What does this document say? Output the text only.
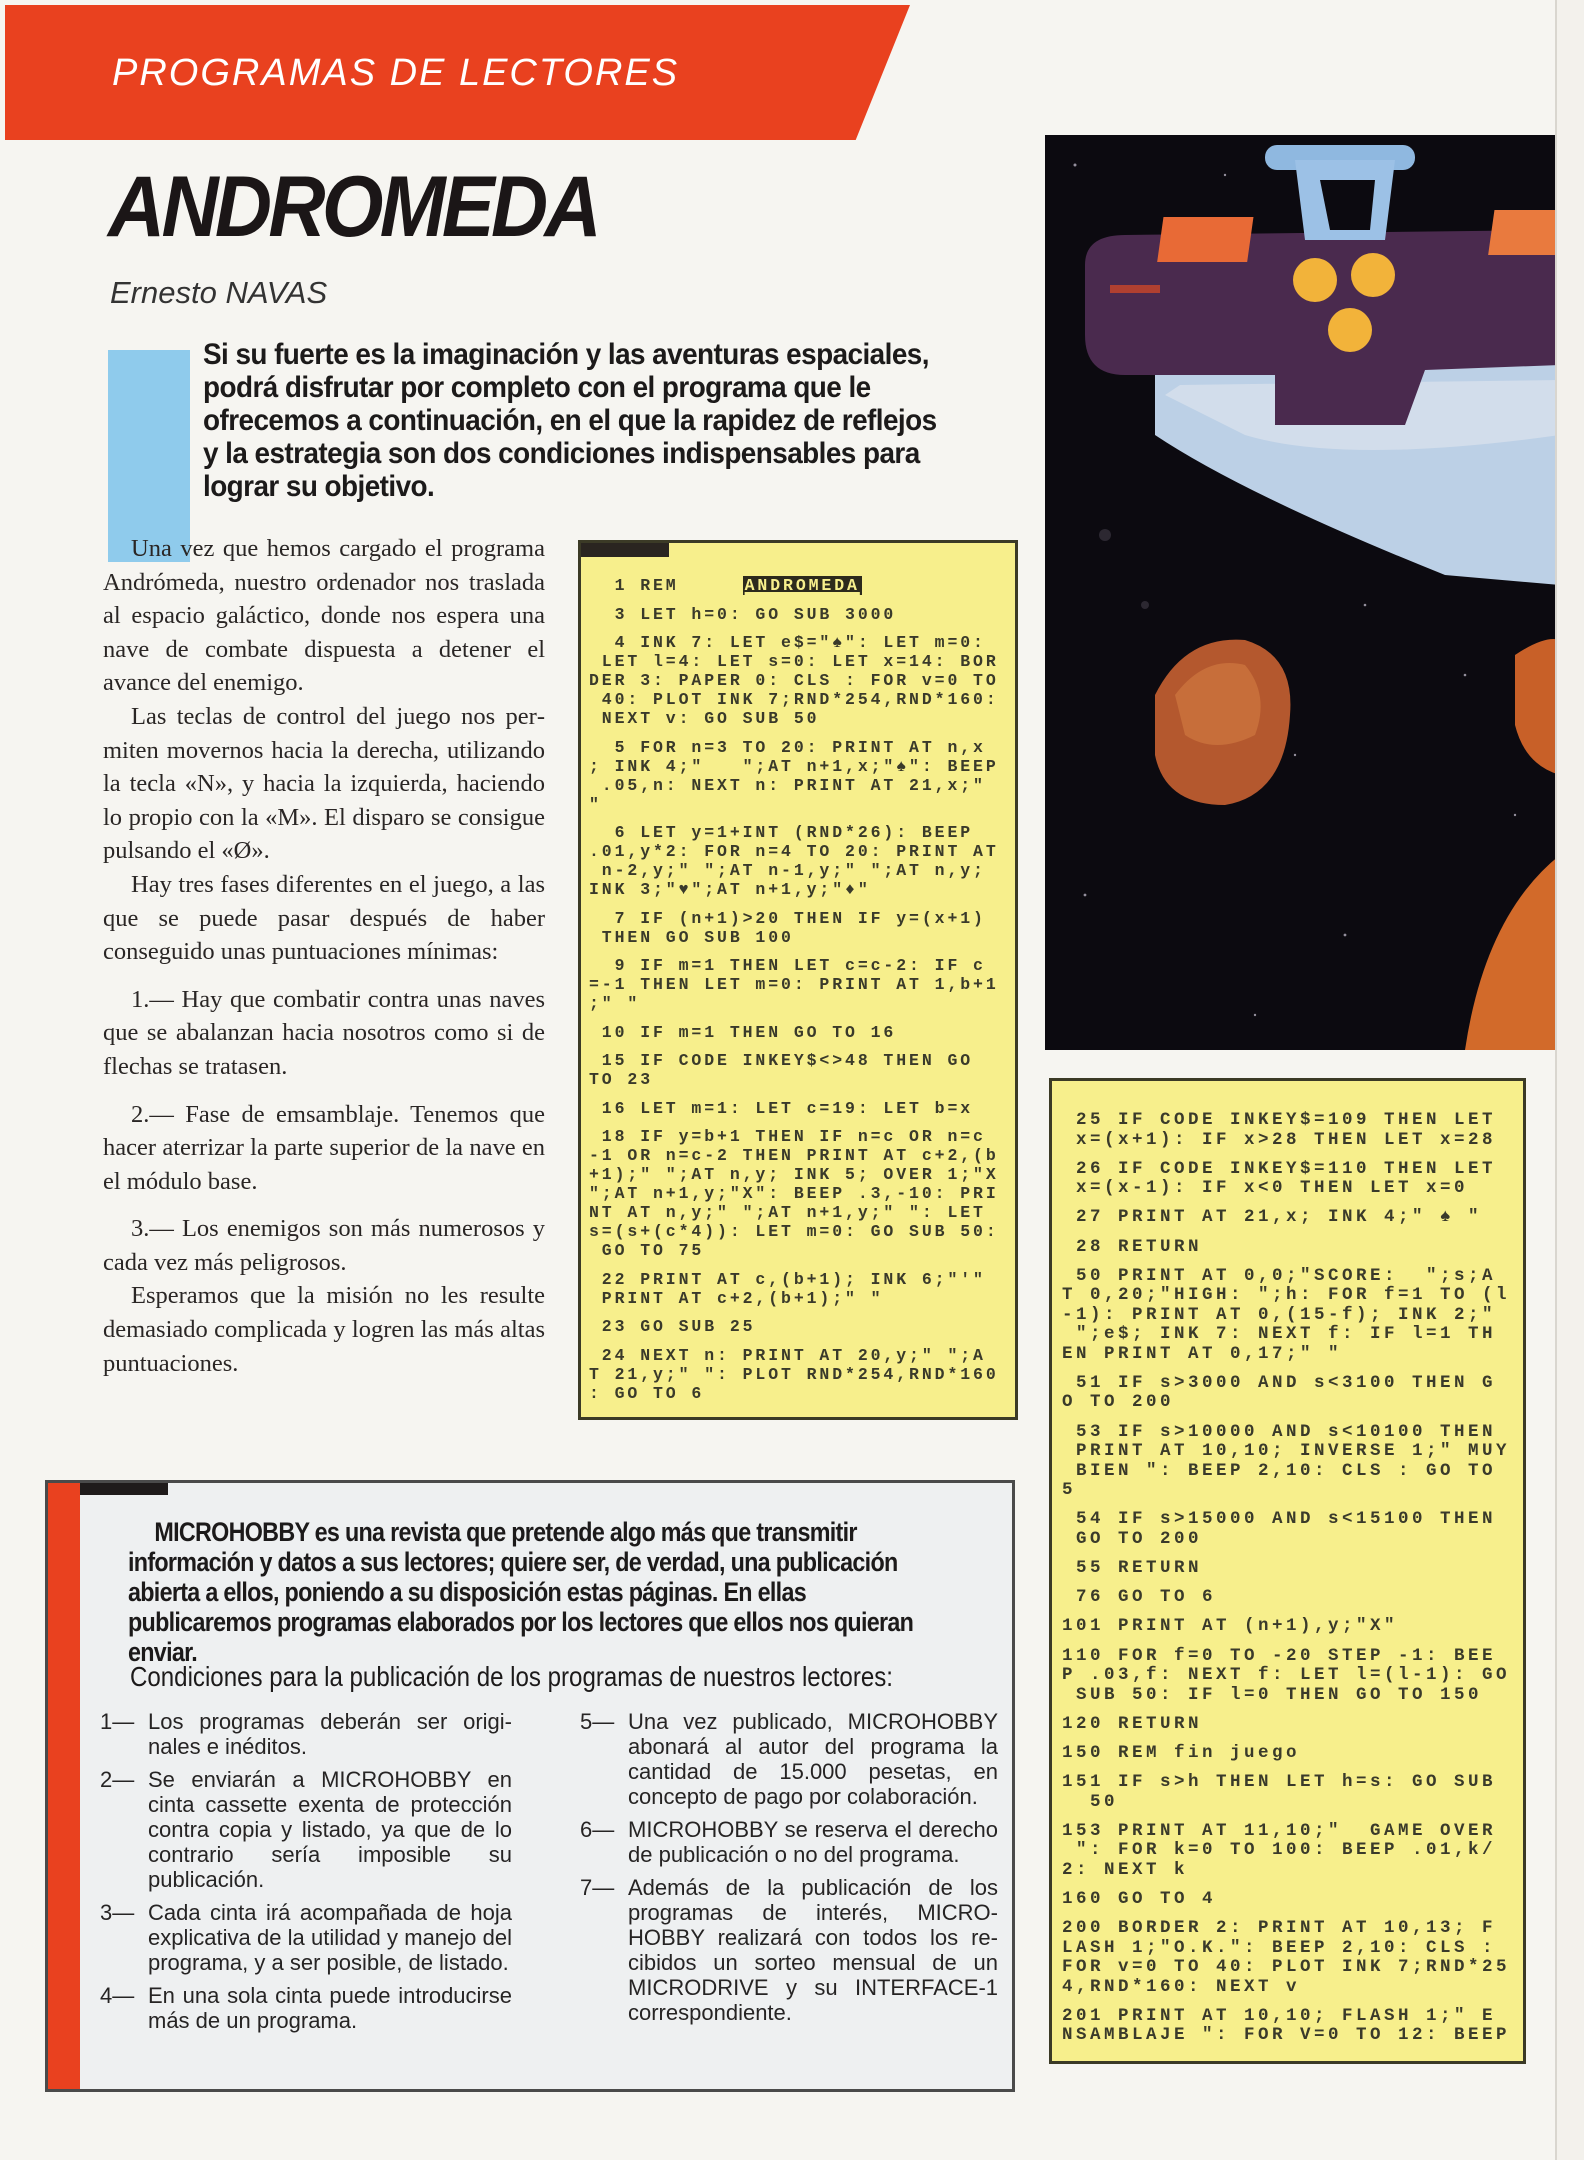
PROGRAMAS DE LECTORES
ANDROMEDA
Ernesto NAVAS
Si su fuerte es la imaginación y las aventuras espaciales, podrá disfrutar por completo con el programa que le ofrecemos a continuación, en el que la rapidez de reflejos y la estrategia son dos condiciones indispensables para lograr su objetivo.

Una vez que hemos cargado el programa Andrómeda, nuestro ordenador nos traslada al espacio galáctico, donde nos espera una nave de combate dispuesta a detener el avance del enemigo.

Las teclas de control del juego nos permiten movernos hacia la derecha, utilizando la tecla «N», y hacia la izquierda, haciendo lo propio con la «M». El disparo se consigue pulsando el «Ø».

Hay tres fases diferentes en el juego, a las que se puede pasar después de haber conseguido unas puntuaciones mínimas:

1.— Hay que combatir contra unas naves que se abalanzan hacia nosotros como si de flechas se tratasen.

2.— Fase de emsamblaje. Tenemos que hacer aterrizar la parte superior de la nave en el módulo base.

3.— Los enemigos son más numerosos y cada vez más peligrosos.

Esperamos que la misión no les resulte demasiado complicada y logren las más altas puntuaciones.

1 REM     ANDROMEDA
3 LET h=0: GO SUB 3000
4 INK 7: LET e$="♠": LET m=0:
LET l=4: LET s=0: LET x=14: BOR
DER 3: PAPER 0: CLS : FOR v=0 TO
40: PLOT INK 7;RND*254,RND*160:
NEXT v: GO SUB 50
5 FOR n=3 TO 20: PRINT AT n,x
; INK 4;"   ";AT n+1,x;"♠": BEEP
.05,n: NEXT n: PRINT AT 21,x;"
"
6 LET y=1+INT (RND*26): BEEP
.01,y*2: FOR n=4 TO 20: PRINT AT
n-2,y;" ";AT n-1,y;" ";AT n,y;
INK 3;"♥";AT n+1,y;"♦"
7 IF (n+1)>20 THEN IF y=(x+1)
THEN GO SUB 100
9 IF m=1 THEN LET c=c-2: IF c
=-1 THEN LET m=0: PRINT AT 1,b+1
;" "
10 IF m=1 THEN GO TO 16
15 IF CODE INKEY$<>48 THEN GO
TO 23
16 LET m=1: LET c=19: LET b=x
18 IF y=b+1 THEN IF n=c OR n=c
-1 OR n=c-2 THEN PRINT AT c+2,(b
+1);" ";AT n,y; INK 5; OVER 1;"X
";AT n+1,y;"X": BEEP .3,-10: PRI
NT AT n,y;" ";AT n+1,y;" ": LET
s=(s+(c*4)): LET m=0: GO SUB 50:
GO TO 75
22 PRINT AT c,(b+1); INK 6;"'"
PRINT AT c+2,(b+1);" "
23 GO SUB 25
24 NEXT n: PRINT AT 20,y;" ";A
T 21,y;" ": PLOT RND*254,RND*160
: GO TO 6
25 IF CODE INKEY$=109 THEN LET
x=(x+1): IF x>28 THEN LET x=28
26 IF CODE INKEY$=110 THEN LET
x=(x-1): IF x<0 THEN LET x=0
27 PRINT AT 21,x; INK 4;" ♠ "
28 RETURN
50 PRINT AT 0,0;"SCORE:  ";s;A
T 0,20;"HIGH: ";h: FOR f=1 TO (l
-1): PRINT AT 0,(15-f); INK 2;"
";e$; INK 7: NEXT f: IF l=1 TH
EN PRINT AT 0,17;" "
51 IF s>3000 AND s<3100 THEN G
O TO 200
53 IF s>10000 AND s<10100 THEN
PRINT AT 10,10; INVERSE 1;" MUY
BIEN ": BEEP 2,10: CLS : GO TO
5
54 IF s>15000 AND s<15100 THEN
GO TO 200
55 RETURN
76 GO TO 6
101 PRINT AT (n+1),y;"X"
110 FOR f=0 TO -20 STEP -1: BEE
P .03,f: NEXT f: LET l=(l-1): GO
SUB 50: IF l=0 THEN GO TO 150
120 RETURN
150 REM fin juego
151 IF s>h THEN LET h=s: GO SUB
50
153 PRINT AT 11,10;"  GAME OVER
": FOR k=0 TO 100: BEEP .01,k/
2: NEXT k
160 GO TO 4
200 BORDER 2: PRINT AT 10,13; F
LASH 1;"O.K.": BEEP 2,10: CLS :
FOR v=0 TO 40: PLOT INK 7;RND*25
4,RND*160: NEXT v
201 PRINT AT 10,10; FLASH 1;" E
NSAMBLAJE ": FOR V=0 TO 12: BEEP
MICROHOBBY es una revista que pretende algo más que transmitir información y datos a sus lectores; quiere ser, de verdad, una publicación abierta a ellos, poniendo a su disposición estas páginas. En ellas publicaremos programas elaborados por los lectores que ellos nos quieran enviar.
Condiciones para la publicación de los programas de nuestros lectores:
1— Los programas deberán ser originales e inéditos.
2— Se enviarán a MICROHOBBY en cinta cassette exenta de protección contra copia y listado, ya que de lo contrario sería imposible su publicación.
3— Cada cinta irá acompañada de hoja explicativa de la utilidad y manejo del programa, y a ser posible, de listado.
4— En una sola cinta puede introducirse más de un programa.
5— Una vez publicado, MICROHOBBY abonará al autor del programa la cantidad de 15.000 pesetas, en concepto de pago por colaboración.
6— MICROHOBBY se reserva el derecho de publicación o no del programa.
7— Además de la publicación de los programas de interés, MICROHOBBY realizará con todos los recibidos un sorteo mensual de un MICRODRIVE y su INTERFACE-1 correspondiente.
